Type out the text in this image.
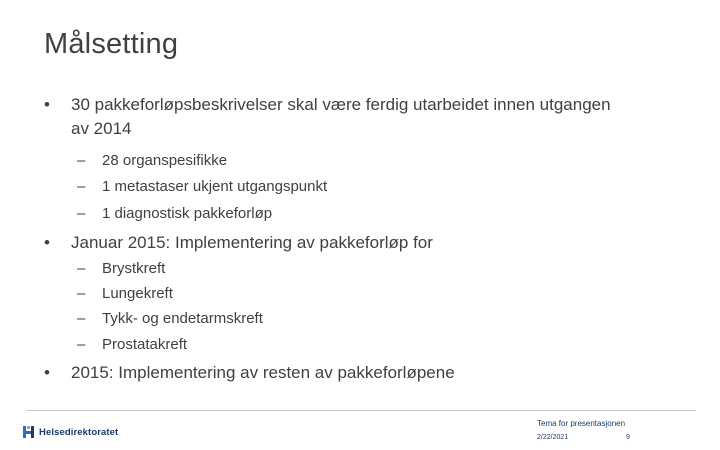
Målsetting
•	30 pakkeforløpsbeskrivelser skal være ferdig utarbeidet innen utgangen av 2014
– 28 organspesifikke
– 1 metastaser ukjent utgangspunkt
– 1 diagnostisk pakkeforløp
•	Januar 2015: Implementering av pakkeforløp for
– Brystkreft
– Lungekreft
– Tykk- og endetarmskreft
– Prostatakreft
•	2015: Implementering av resten av pakkeforløpene
Helsedirektoratet
Tema for presentasjonen
2/22/2021	9
